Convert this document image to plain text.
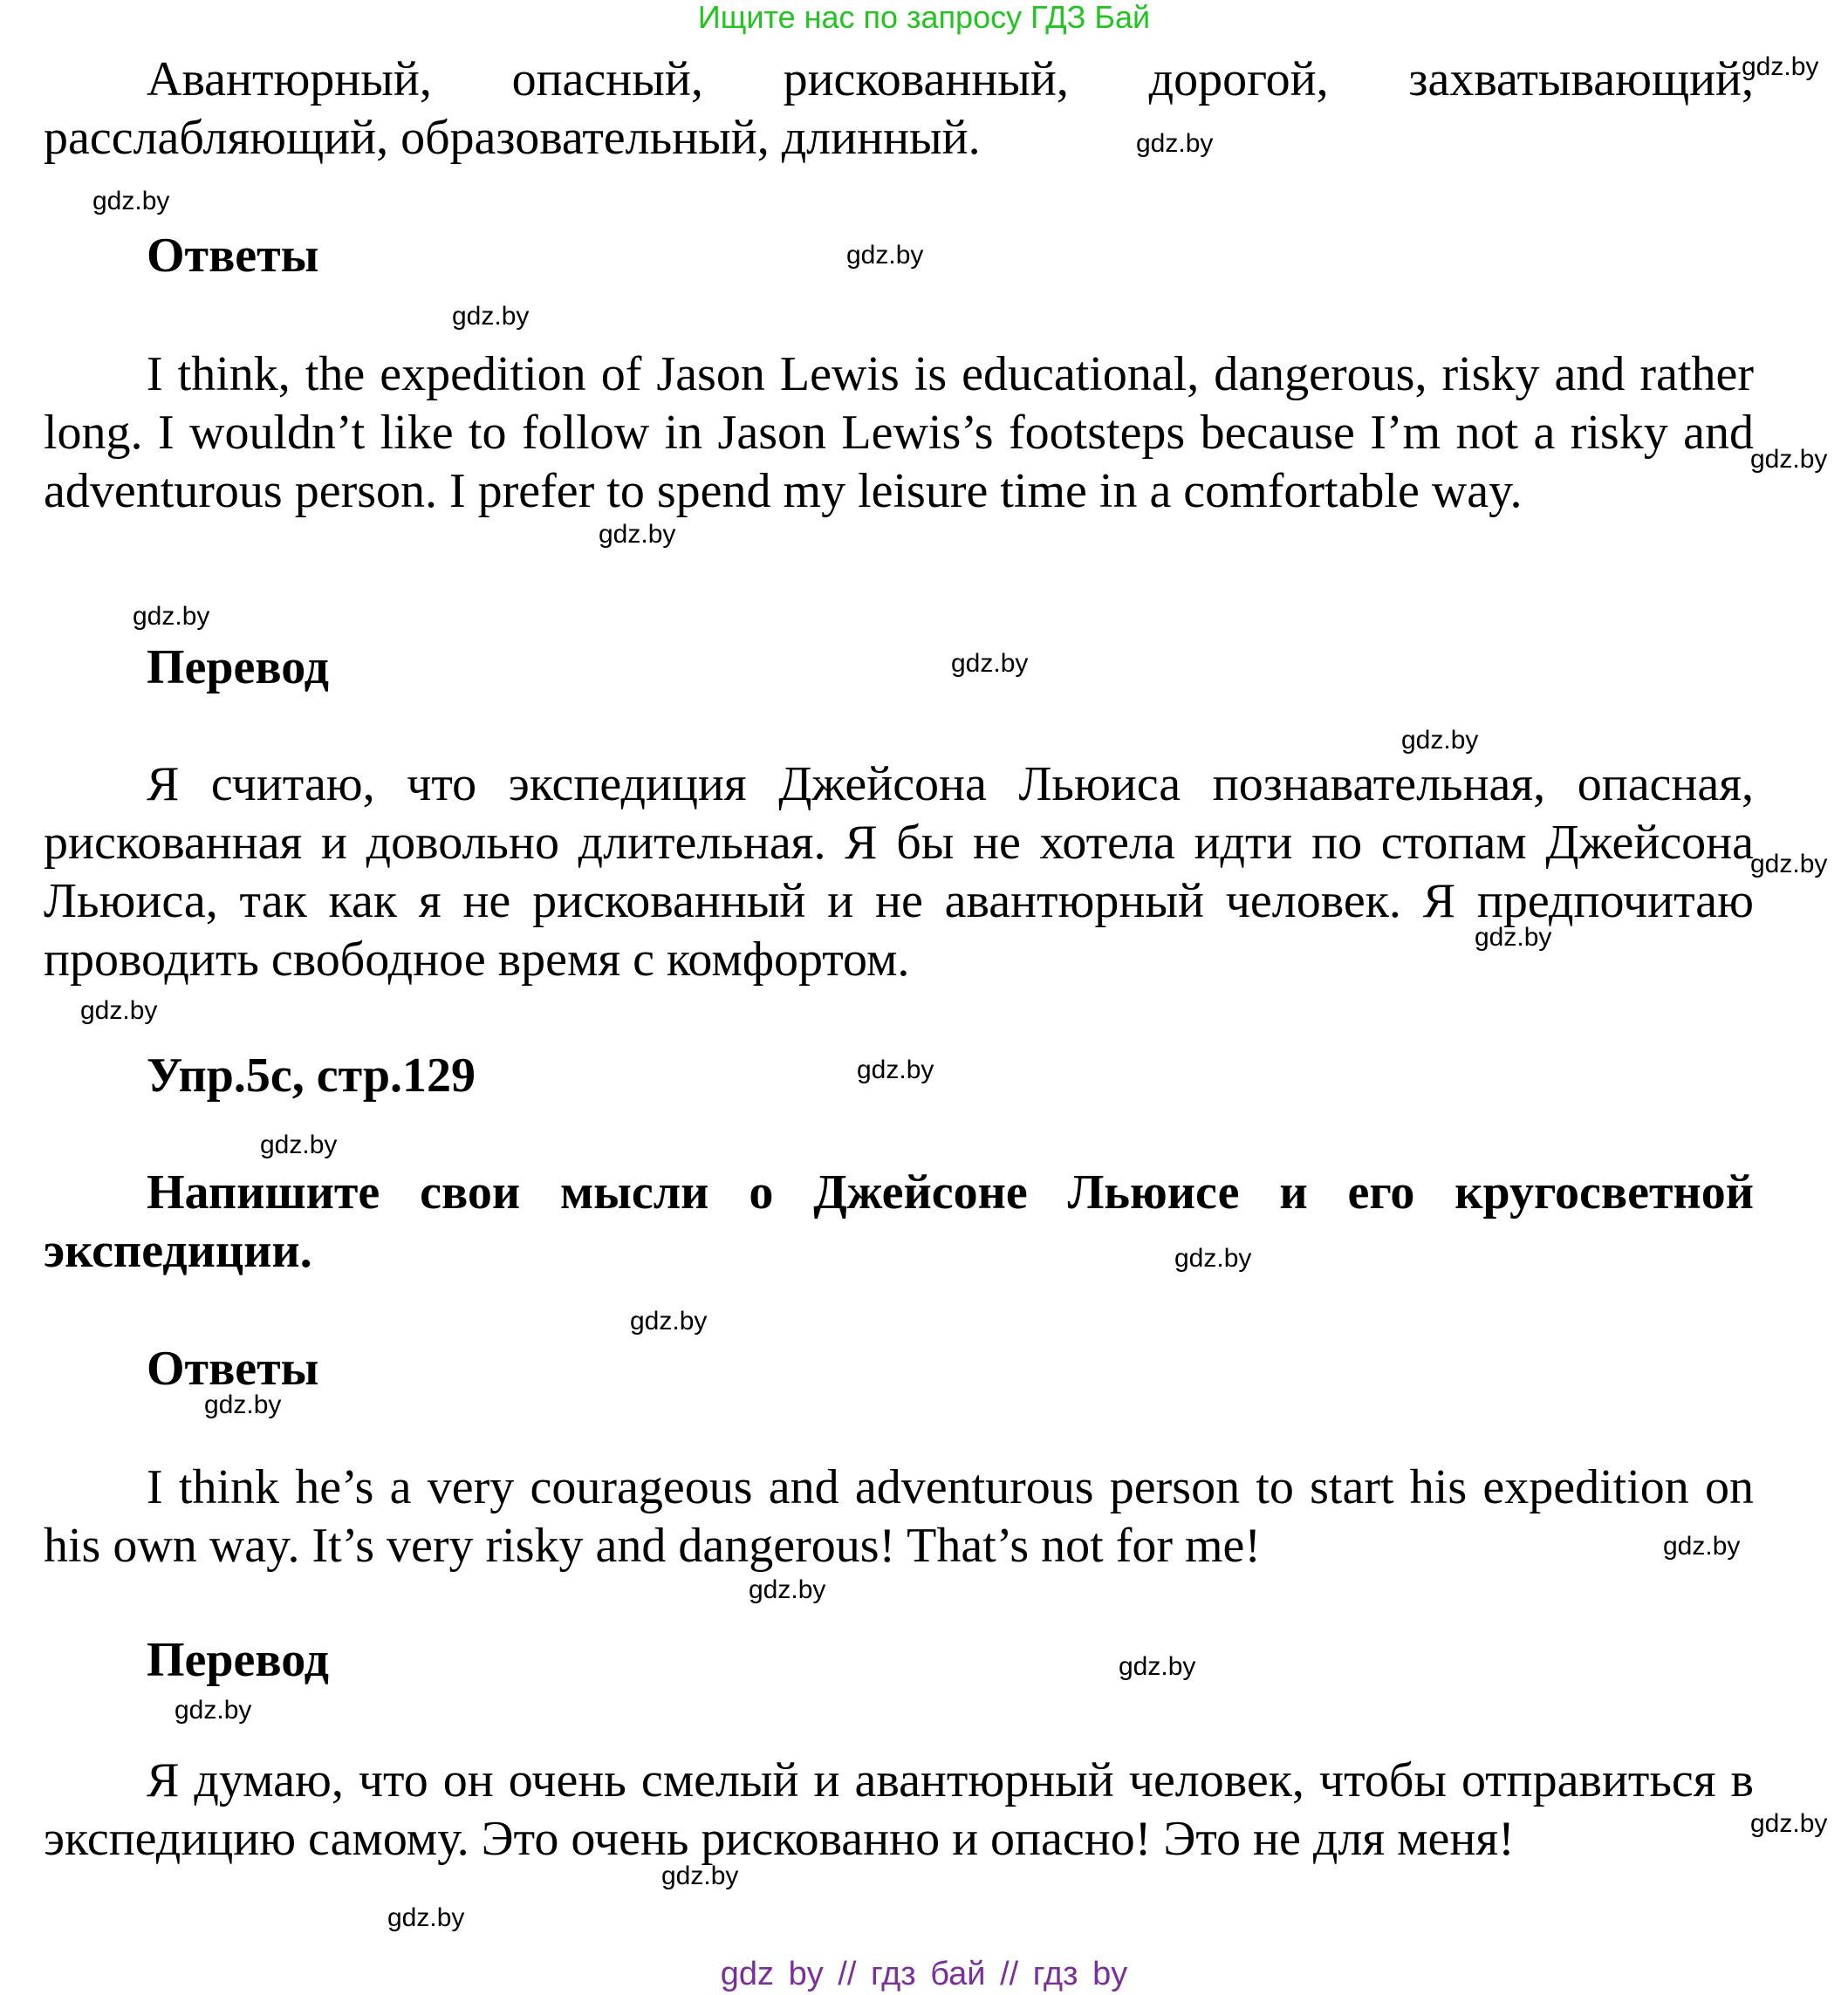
Ищите нас по запросу ГДЗ Бай

Авантюрный, опасный, рискованный, дорогой, захватывающий, расслабляющий, образовательный, длинный.

Ответы

I think, the expedition of Jason Lewis is educational, dangerous, risky and rather long. I wouldn’t like to follow in Jason Lewis’s footsteps because I’m not a risky and adventurous person. I prefer to spend my leisure time in a comfortable way.

Перевод

Я считаю, что экспедиция Джейсона Льюиса познавательная, опасная, рискованная и довольно длительная. Я бы не хотела идти по стопам Джейсона Льюиса, так как я не рискованный и не авантюрный человек. Я предпочитаю проводить свободное время с комфортом.

Упр.5с, стр.129

Напишите свои мысли о Джейсоне Льюисе и его кругосветной экспедиции.

Ответы

I think he’s a very courageous and adventurous person to start his expedition on his own way. It’s very risky and dangerous! That’s not for me!

Перевод

Я думаю, что он очень смелый и авантюрный человек, чтобы отправиться в экспедицию самому. Это очень рискованно и опасно! Это не для меня!

gdz.by
gdz.by
gdz.by
gdz.by
gdz.by
gdz.by
gdz.by
gdz.by
gdz.by
gdz.by
gdz.by
gdz.by
gdz.by
gdz.by
gdz.by
gdz.by
gdz.by
gdz.by
gdz.by
gdz.by
gdz.by
gdz.by
gdz.by
gdz.by
gdz.by
gdz by // гдз бай // гдз by
